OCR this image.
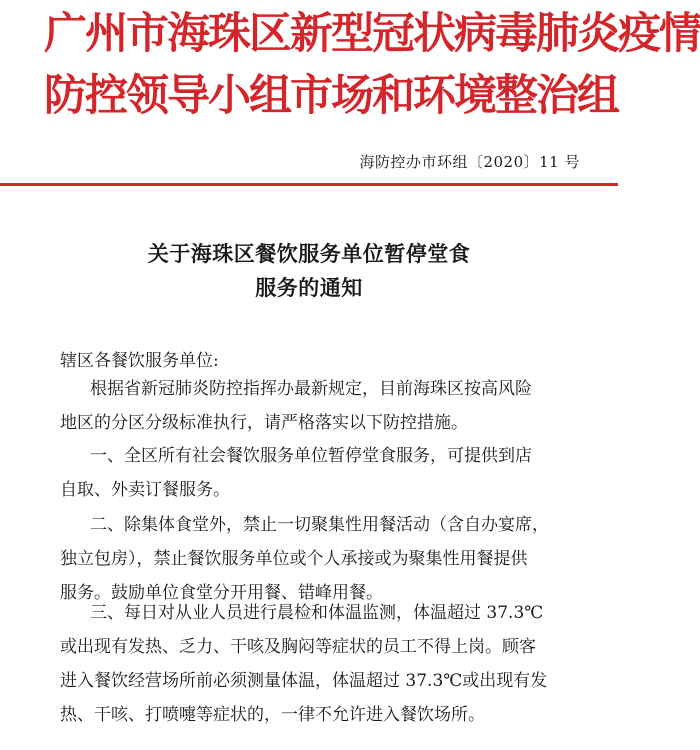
广州市海珠区新型冠状病毒肺炎疫情
防控领导小组市场和环境整治组
海防控办市环组〔2020〕11 号
关于海珠区餐饮服务单位暂停堂食
服务的通知
辖区各餐饮服务单位:
根据省新冠肺炎防控指挥办最新规定，目前海珠区按高风险
地区的分区分级标准执行，请严格落实以下防控措施。
一、全区所有社会餐饮服务单位暂停堂食服务，可提供到店
自取、外卖订餐服务。
二、除集体食堂外，禁止一切聚集性用餐活动（含自办宴席，
独立包房），禁止餐饮服务单位或个人承接或为聚集性用餐提供
服务。鼓励单位食堂分开用餐、错峰用餐。
三、每日对从业人员进行晨检和体温监测，体温超过 37.3℃
或出现有发热、乏力、干咳及胸闷等症状的员工不得上岗。顾客
进入餐饮经营场所前必须测量体温，体温超过 37.3℃或出现有发
热、干咳、打喷嚏等症状的，一律不允许进入餐饮场所。
